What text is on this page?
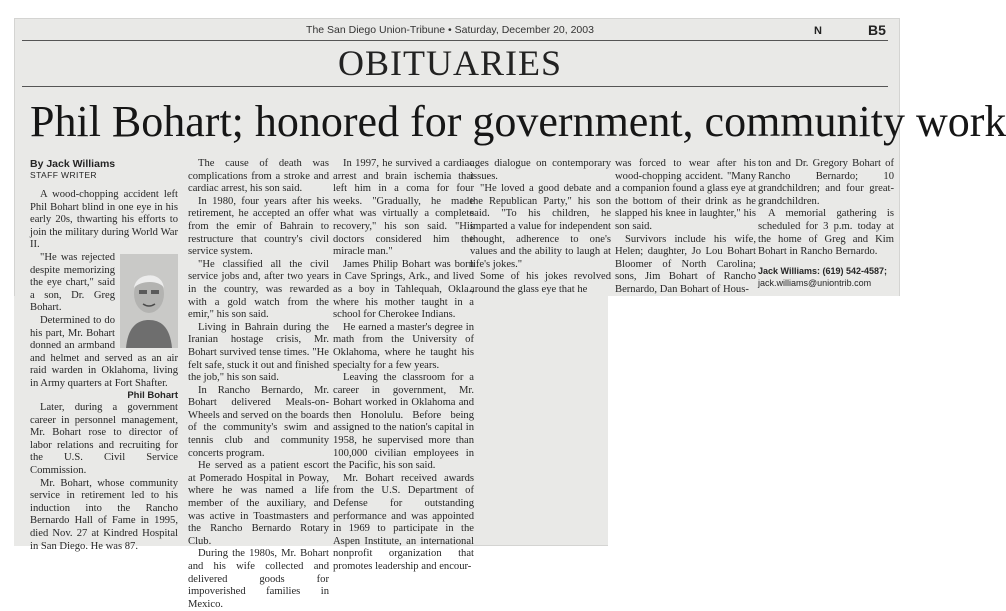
The San Diego Union-Tribune • Saturday, December 20, 2003	N	B5
OBITUARIES
Phil Bohart; honored for government, community work
By Jack Williams
STAFF WRITER

A wood-chopping accident left Phil Bohart blind in one eye in his early 20s, thwarting his efforts to join the military during World War II.

"He was rejected despite memorizing the eye chart," said a son, Dr. Greg Bohart.

Determined to do his part, Mr. Bohart donned an armband and helmet and served as an air raid warden in Oklahoma, living in Army quarters at Fort Shafter.

Phil Bohart

Later, during a government career in personnel management, Mr. Bohart rose to director of labor relations and recruiting for the U.S. Civil Service Commission.

Mr. Bohart, whose community service in retirement led to his induction into the Rancho Bernardo Hall of Fame in 1995, died Nov. 27 at Kindred Hospital in San Diego. He was 87.

The cause of death was complications from a stroke and cardiac arrest, his son said.

In 1980, four years after his retirement, he accepted an offer from the emir of Bahrain to restructure that country's civil service system.

"He classified all the civil service jobs and, after two years in the country, was rewarded with a gold watch from the emir," his son said.

Living in Bahrain during the Iranian hostage crisis, Mr. Bohart survived tense times. "He felt safe, stuck it out and finished the job," his son said.

In Rancho Bernardo, Mr. Bohart delivered Meals-on-Wheels and served on the boards of the community's swim and tennis club and community concerts program.

He served as a patient escort at Pomerado Hospital in Poway, where he was named a life member of the auxiliary, and was active in Toastmasters and the Rancho Bernardo Rotary Club.

During the 1980s, Mr. Bohart and his wife collected and delivered goods for impoverished families in Mexico.

In 1997, he survived a cardiac arrest and brain ischemia that left him in a coma for four weeks. "Gradually, he made what was virtually a complete recovery," his son said. "His doctors considered him the miracle man."

James Philip Bohart was born in Cave Springs, Ark., and lived as a boy in Tahlequah, Okla., where his mother taught in a school for Cherokee Indians.

He earned a master's degree in math from the University of Oklahoma, where he taught his specialty for a few years.

Leaving the classroom for a career in government, Mr. Bohart worked in Oklahoma and then Honolulu. Before being assigned to the nation's capital in 1958, he supervised more than 100,000 civilian employees in the Pacific, his son said.

Mr. Bohart received awards from the U.S. Department of Defense for outstanding performance and was appointed in 1969 to participate in the Aspen Institute, an international nonprofit organization that promotes leadership and encour-

ages dialogue on contemporary issues.

"He loved a good debate and the Republican Party," his son said. "To his children, he imparted a value for independent thought, adherence to one's values and the ability to laugh at life's jokes."

Some of his jokes revolved around the glass eye that he

was forced to wear after his wood-chopping accident. "Many a companion found a glass eye at the bottom of their drink as he slapped his knee in laughter," his son said.

Survivors include his wife, Helen; daughter, Jo Lou Bohart Bloomer of North Carolina; sons, Jim Bohart of Rancho Bernardo, Dan Bohart of Hous-

ton and Dr. Gregory Bohart of Rancho Bernardo; 10 grandchildren; and four great-grandchildren.

A memorial gathering is scheduled for 3 p.m. today at the home of Greg and Kim Bohart in Rancho Bernardo.

Jack Williams: (619) 542-4587;
jack.williams@uniontrib.com
